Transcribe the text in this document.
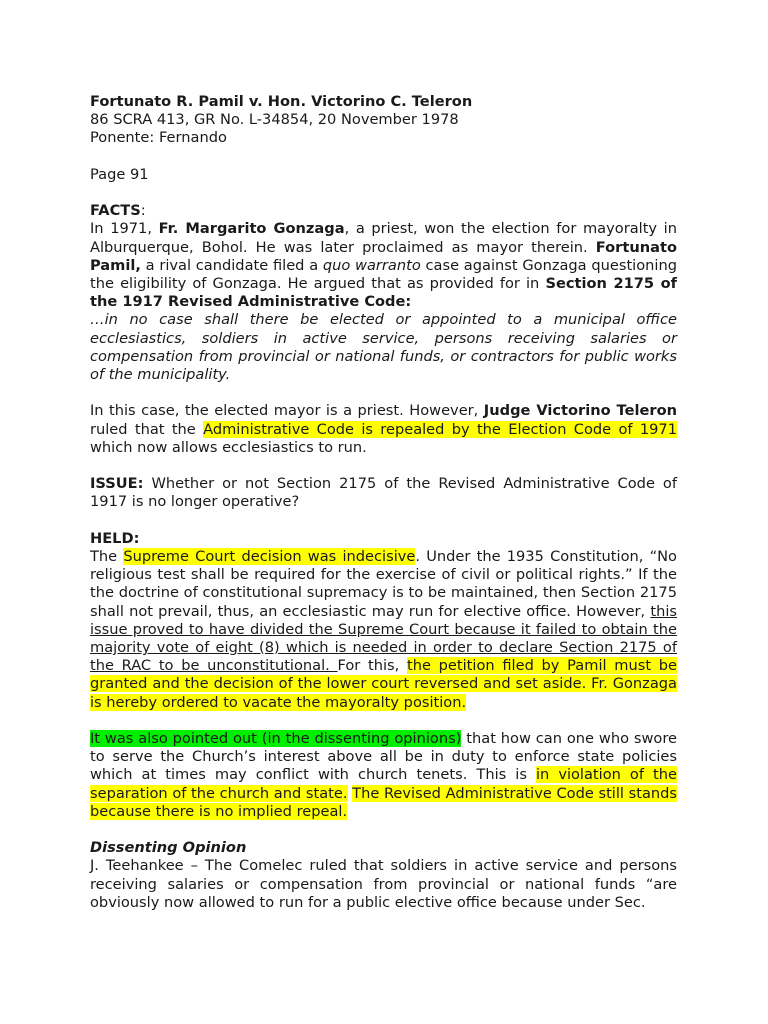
Fortunato R. Pamil v. Hon. Victorino C. Teleron

86 SCRA 413, GR No. L-34854, 20 November 1978

Ponente: Fernando

Page 91

FACTS:

In 1971, Fr. Margarito Gonzaga, a priest, won the election for mayoralty in Alburquerque, Bohol. He was later proclaimed as mayor therein. Fortunato Pamil, a rival candidate filed a quo warranto case against Gonzaga questioning the eligibility of Gonzaga. He argued that as provided for in Section 2175 of the 1917 Revised Administrative Code:

…in no case shall there be elected or appointed to a municipal office ecclesiastics, soldiers in active service, persons receiving salaries or compensation from provincial or national funds, or contractors for public works of the municipality.

In this case, the elected mayor is a priest. However, Judge Victorino Teleron ruled that the Administrative Code is repealed by the Election Code of 1971 which now allows ecclesiastics to run.

ISSUE: Whether or not Section 2175 of the Revised Administrative Code of 1917 is no longer operative?

HELD:

The Supreme Court decision was indecisive. Under the 1935 Constitution, “No religious test shall be required for the exercise of civil or political rights.” If the the doctrine of constitutional supremacy is to be maintained, then Section 2175 shall not prevail, thus, an ecclesiastic may run for elective office. However, this issue proved to have divided the Supreme Court because it failed to obtain the majority vote of eight (8) which is needed in order to declare Section 2175 of the RAC to be unconstitutional. For this, the petition filed by Pamil must be granted and the decision of the lower court reversed and set aside. Fr. Gonzaga is hereby ordered to vacate the mayoralty position.

It was also pointed out (in the dissenting opinions) that how can one who swore to serve the Church’s interest above all be in duty to enforce state policies which at times may conflict with church tenets. This is in violation of the separation of the church and state. The Revised Administrative Code still stands because there is no implied repeal.

Dissenting Opinion

J. Teehankee – The Comelec ruled that soldiers in active service and persons receiving salaries or compensation from provincial or national funds “are obviously now allowed to run for a public elective office because under Sec.
